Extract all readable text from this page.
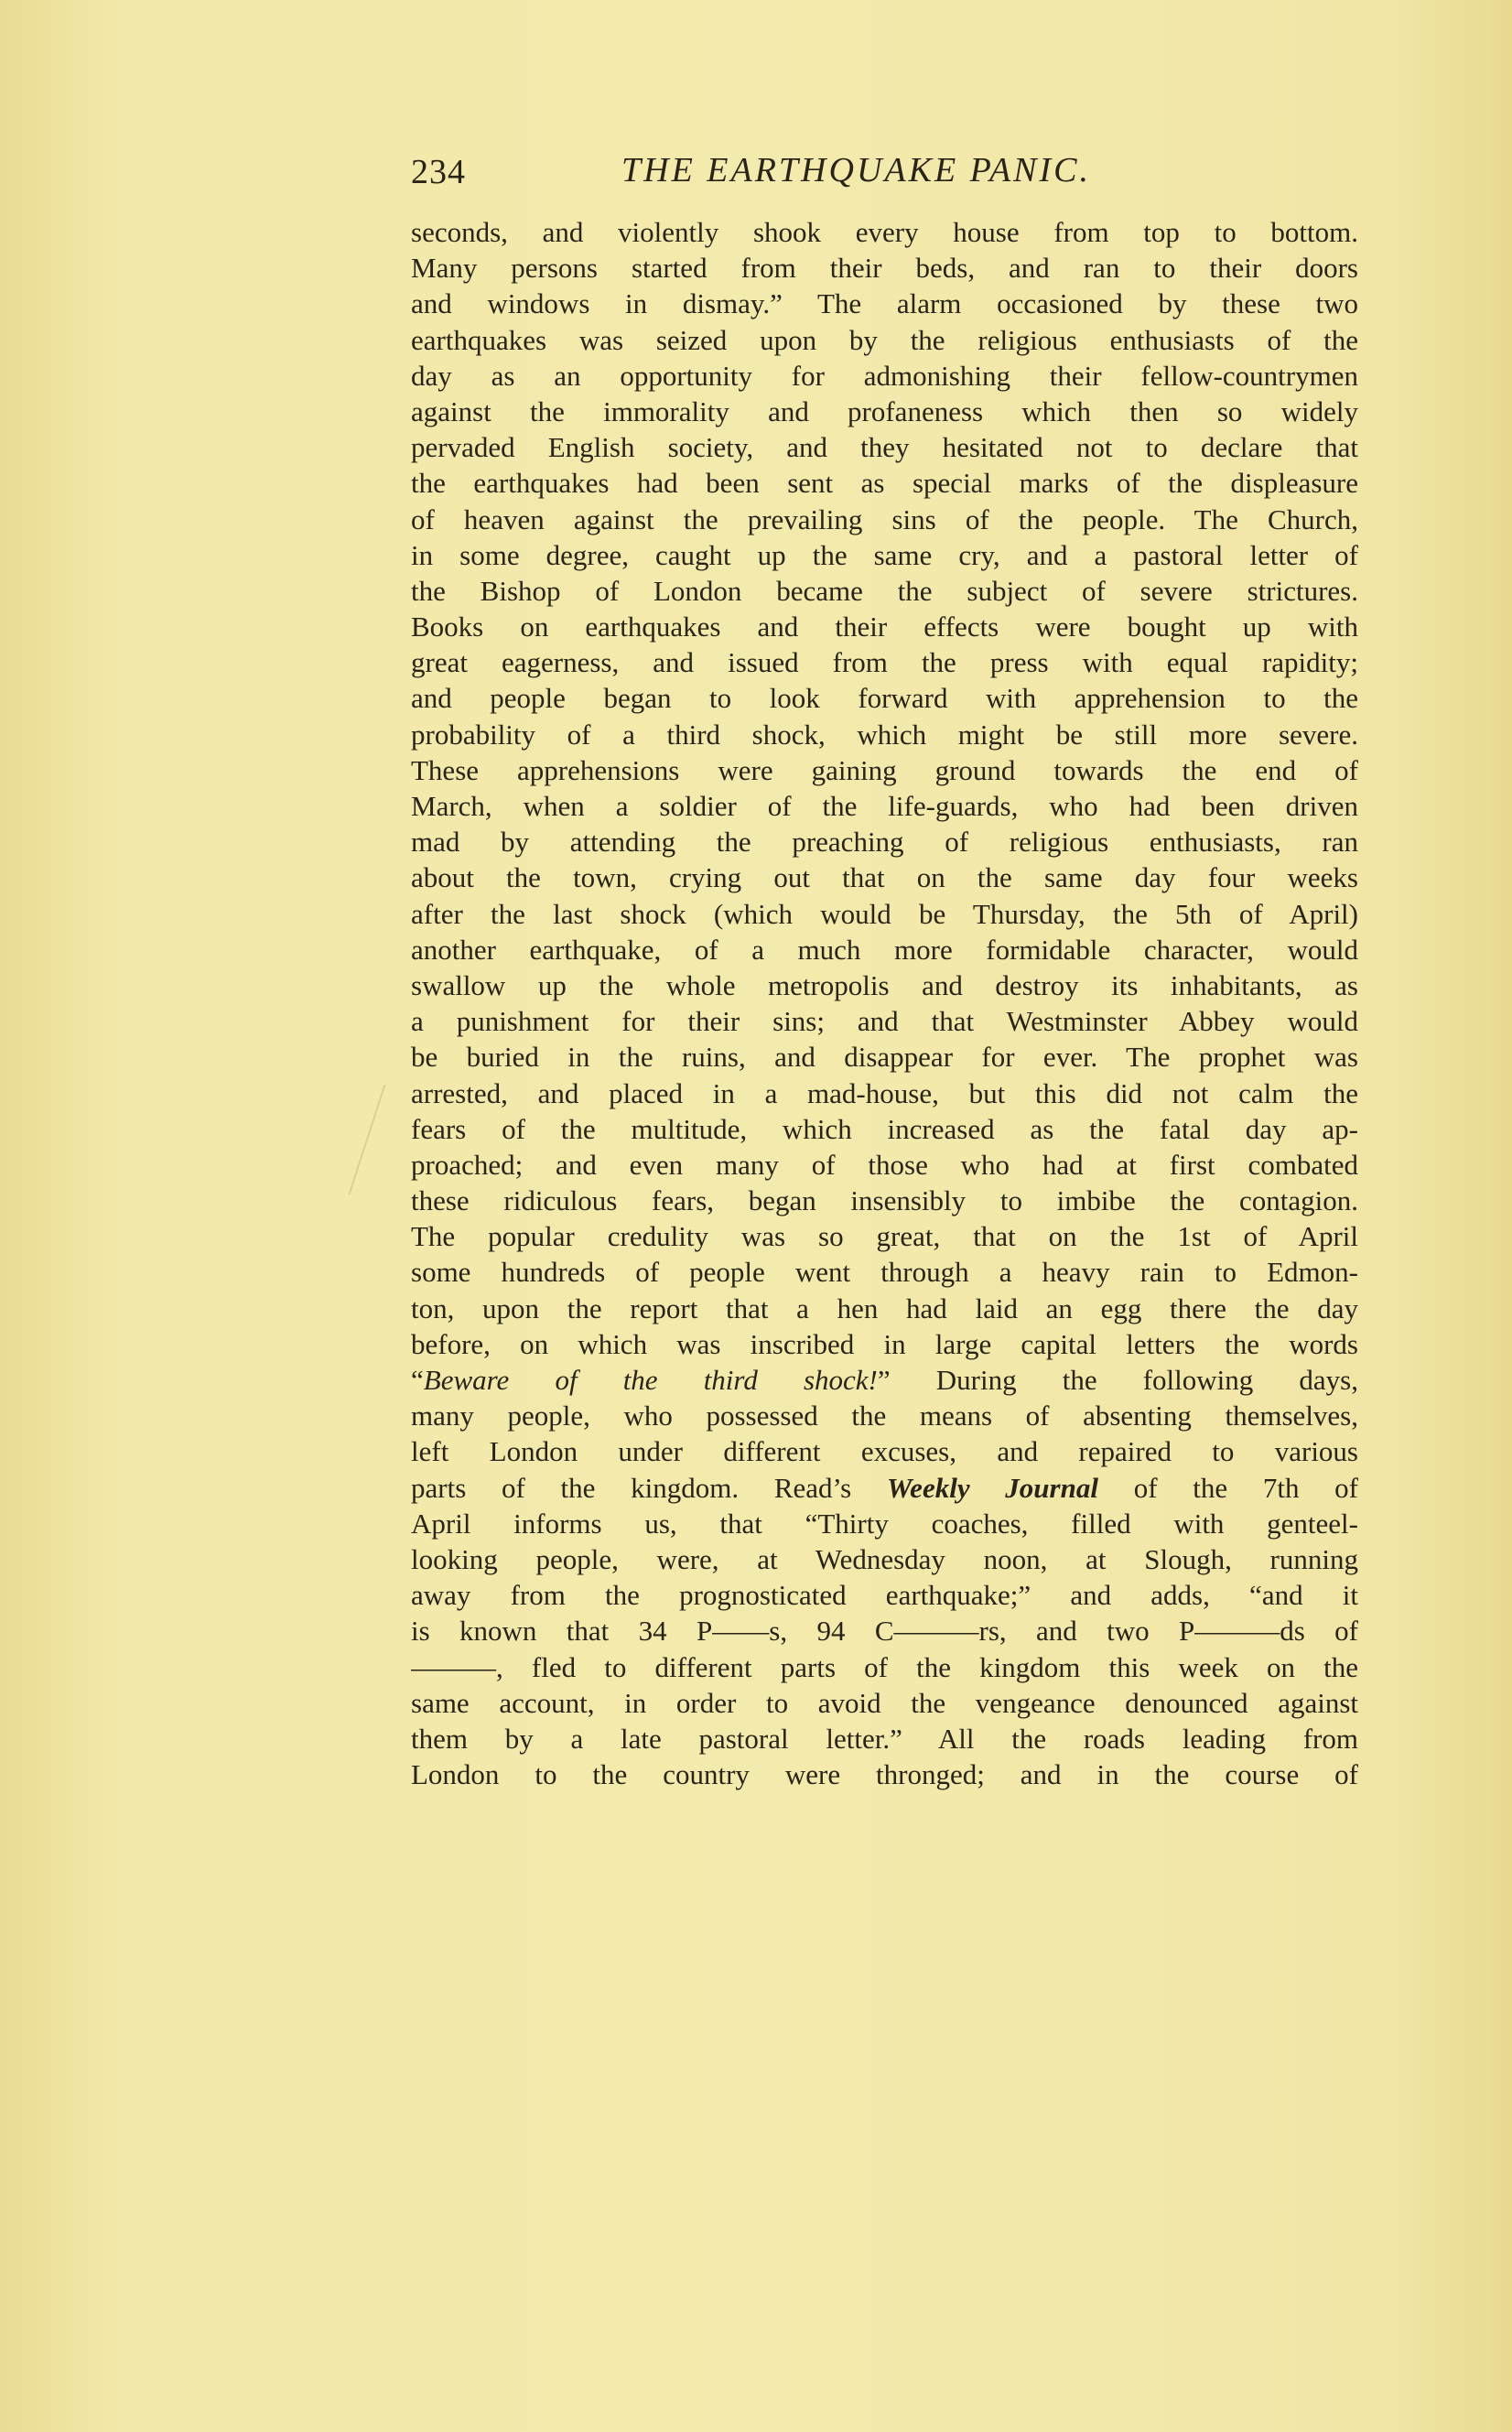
234	THE EARTHQUAKE PANIC.
seconds, and violently shook every house from top to bottom.
Many persons started from their beds, and ran to their doors
and windows in dismay.” The alarm occasioned by these two
earthquakes was seized upon by the religious enthusiasts of the
day as an opportunity for admonishing their fellow-countrymen
against the immorality and profaneness which then so widely
pervaded English society, and they hesitated not to declare that
the earthquakes had been sent as special marks of the displeasure
of heaven against the prevailing sins of the people. The Church,
in some degree, caught up the same cry, and a pastoral letter of
the Bishop of London became the subject of severe strictures.
Books on earthquakes and their effects were bought up with
great eagerness, and issued from the press with equal rapidity;
and people began to look forward with apprehension to the
probability of a third shock, which might be still more severe.
These apprehensions were gaining ground towards the end of
March, when a soldier of the life-guards, who had been driven
mad by attending the preaching of religious enthusiasts, ran
about the town, crying out that on the same day four weeks
after the last shock (which would be Thursday, the 5th of April)
another earthquake, of a much more formidable character, would
swallow up the whole metropolis and destroy its inhabitants, as
a punishment for their sins; and that Westminster Abbey would
be buried in the ruins, and disappear for ever. The prophet was
arrested, and placed in a mad-house, but this did not calm the
fears of the multitude, which increased as the fatal day ap-
proached; and even many of those who had at first combated
these ridiculous fears, began insensibly to imbibe the contagion.
The popular credulity was so great, that on the 1st of April
some hundreds of people went through a heavy rain to Edmon-
ton, upon the report that a hen had laid an egg there the day
before, on which was inscribed in large capital letters the words
“Beware of the third shock!” During the following days,
many people, who possessed the means of absenting themselves,
left London under different excuses, and repaired to various
parts of the kingdom. Read’s Weekly Journal of the 7th of
April informs us, that “Thirty coaches, filled with genteel-
looking people, were, at Wednesday noon, at Slough, running
away from the prognosticated earthquake;” and adds, “and it
is known that 34 P——s, 94 C———rs, and two P———ds of
———, fled to different parts of the kingdom this week on the
same account, in order to avoid the vengeance denounced against
them by a late pastoral letter.” All the roads leading from
London to the country were thronged; and in the course of
